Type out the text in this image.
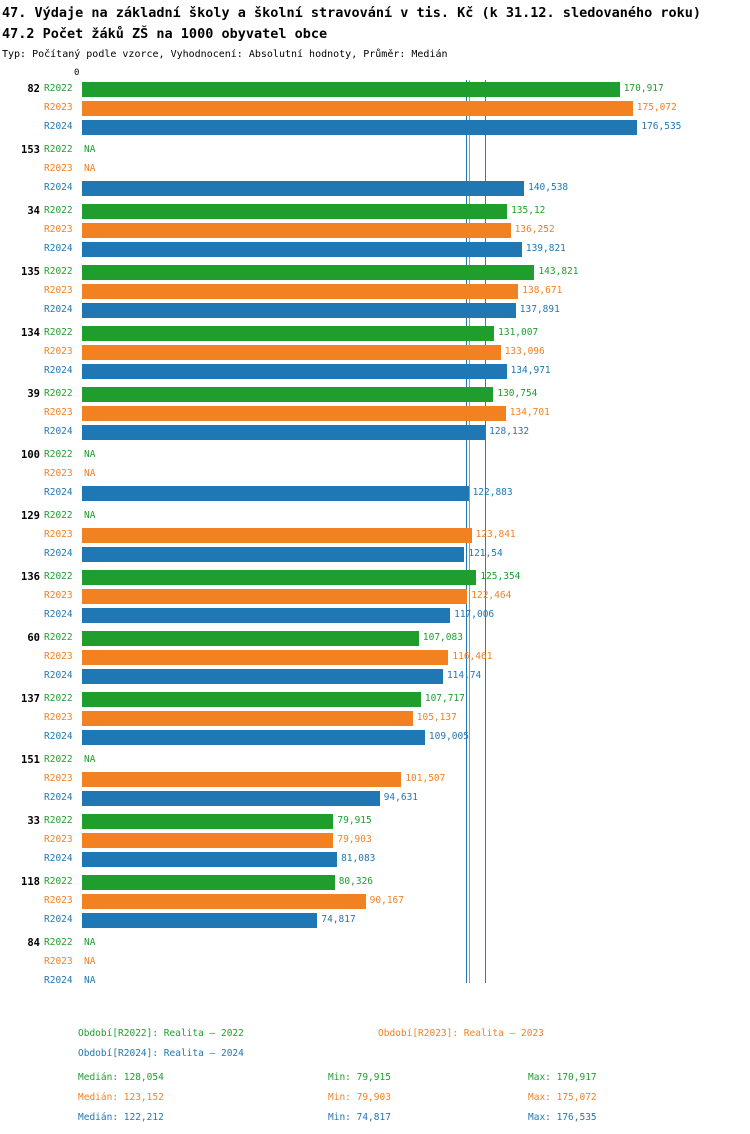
47. Výdaje na základní školy a školní stravování v tis. Kč (k 31.12. sledovaného roku)
47.2 Počet žáků ZŠ na 1000 obyvatel obce
Typ: Počítaný podle vzorce, Vyhodnocení: Absolutní hodnoty, Průměr: Medián
0
82 R2022	170,917
R2023	175,072
R2024	176,535
153 R2022	NA
R2023	NA
R2024	140,538
34 R2022	135,12
R2023	136,252
R2024	139,821
135 R2022	143,821
R2023	138,671
R2024	137,891
134 R2022	131,007
R2023	133,096
R2024	134,971
39 R2022	130,754
R2023	134,701
R2024	128,132
100 R2022	NA
R2023	NA
R2024	122,883
129 R2022	NA
R2023	123,841
R2024	121,54
136 R2022	125,354
R2023	122,464
R2024	117,006
60 R2022	107,083
R2023	116,461
R2024	114,74
137 R2022	107,717
R2023	105,137
R2024	109,005
151 R2022	NA
R2023	101,507
R2024	94,631
33 R2022	79,915
R2023	79,903
R2024	81,083
118 R2022	80,326
R2023	90,167
R2024	74,817
84 R2022	NA
R2023	NA
R2024	NA
Období[R2022]: Realita – 2022	Období[R2023]: Realita – 2023
Období[R2024]: Realita – 2024
Medián: 128,054	Min: 79,915	Max: 170,917
Medián: 123,152	Min: 79,903	Max: 175,072
Medián: 122,212	Min: 74,817	Max: 176,535
